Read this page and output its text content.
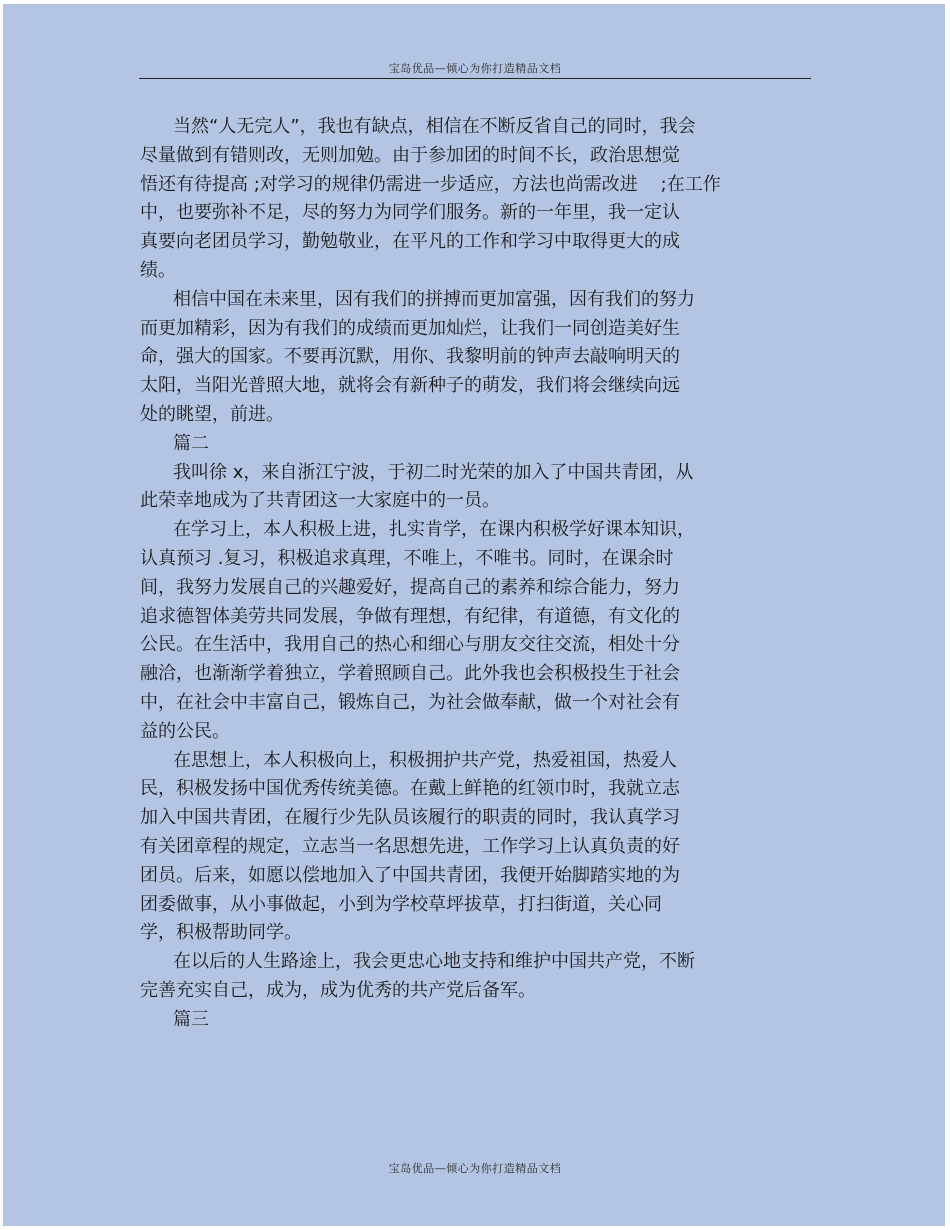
宝岛优品—倾心为你打造精品文档
当然“人无完人”，我也有缺点，相信在不断反省自己的同时，我会
尽量做到有错则改，无则加勉。由于参加团的时间不长，政治思想觉
悟还有待提高 ;对学习的规律仍需进一步适应，方法也尚需改进    ;在工作
中，也要弥补不足，尽的努力为同学们服务。新的一年里，我一定认
真要向老团员学习，勤勉敬业，在平凡的工作和学习中取得更大的成
绩。
相信中国在未来里，因有我们的拼搏而更加富强，因有我们的努力
而更加精彩，因为有我们的成绩而更加灿烂，让我们一同创造美好生
命，强大的国家。不要再沉默，用你、我黎明前的钟声去敲响明天的
太阳，当阳光普照大地，就将会有新种子的萌发，我们将会继续向远
处的眺望，前进。
篇二
我叫徐 x，来自浙江宁波，于初二时光荣的加入了中国共青团，从
此荣幸地成为了共青团这一大家庭中的一员。
在学习上，本人积极上进，扎实肯学，在课内积极学好课本知识，
认真预习 .复习，积极追求真理，不唯上，不唯书。同时，在课余时
间，我努力发展自己的兴趣爱好，提高自己的素养和综合能力，努力
追求德智体美劳共同发展，争做有理想，有纪律，有道德，有文化的
公民。在生活中，我用自己的热心和细心与朋友交往交流，相处十分
融洽，也渐渐学着独立，学着照顾自己。此外我也会积极投生于社会
中，在社会中丰富自己，锻炼自己，为社会做奉献，做一个对社会有
益的公民。
在思想上，本人积极向上，积极拥护共产党，热爱祖国，热爱人
民，积极发扬中国优秀传统美德。在戴上鲜艳的红领巾时，我就立志
加入中国共青团，在履行少先队员该履行的职责的同时，我认真学习
有关团章程的规定，立志当一名思想先进，工作学习上认真负责的好
团员。后来，如愿以偿地加入了中国共青团，我便开始脚踏实地的为
团委做事，从小事做起，小到为学校草坪拔草，打扫街道，关心同
学，积极帮助同学。
在以后的人生路途上，我会更忠心地支持和维护中国共产党，不断
完善充实自己，成为，成为优秀的共产党后备军。
篇三
宝岛优品—倾心为你打造精品文档
